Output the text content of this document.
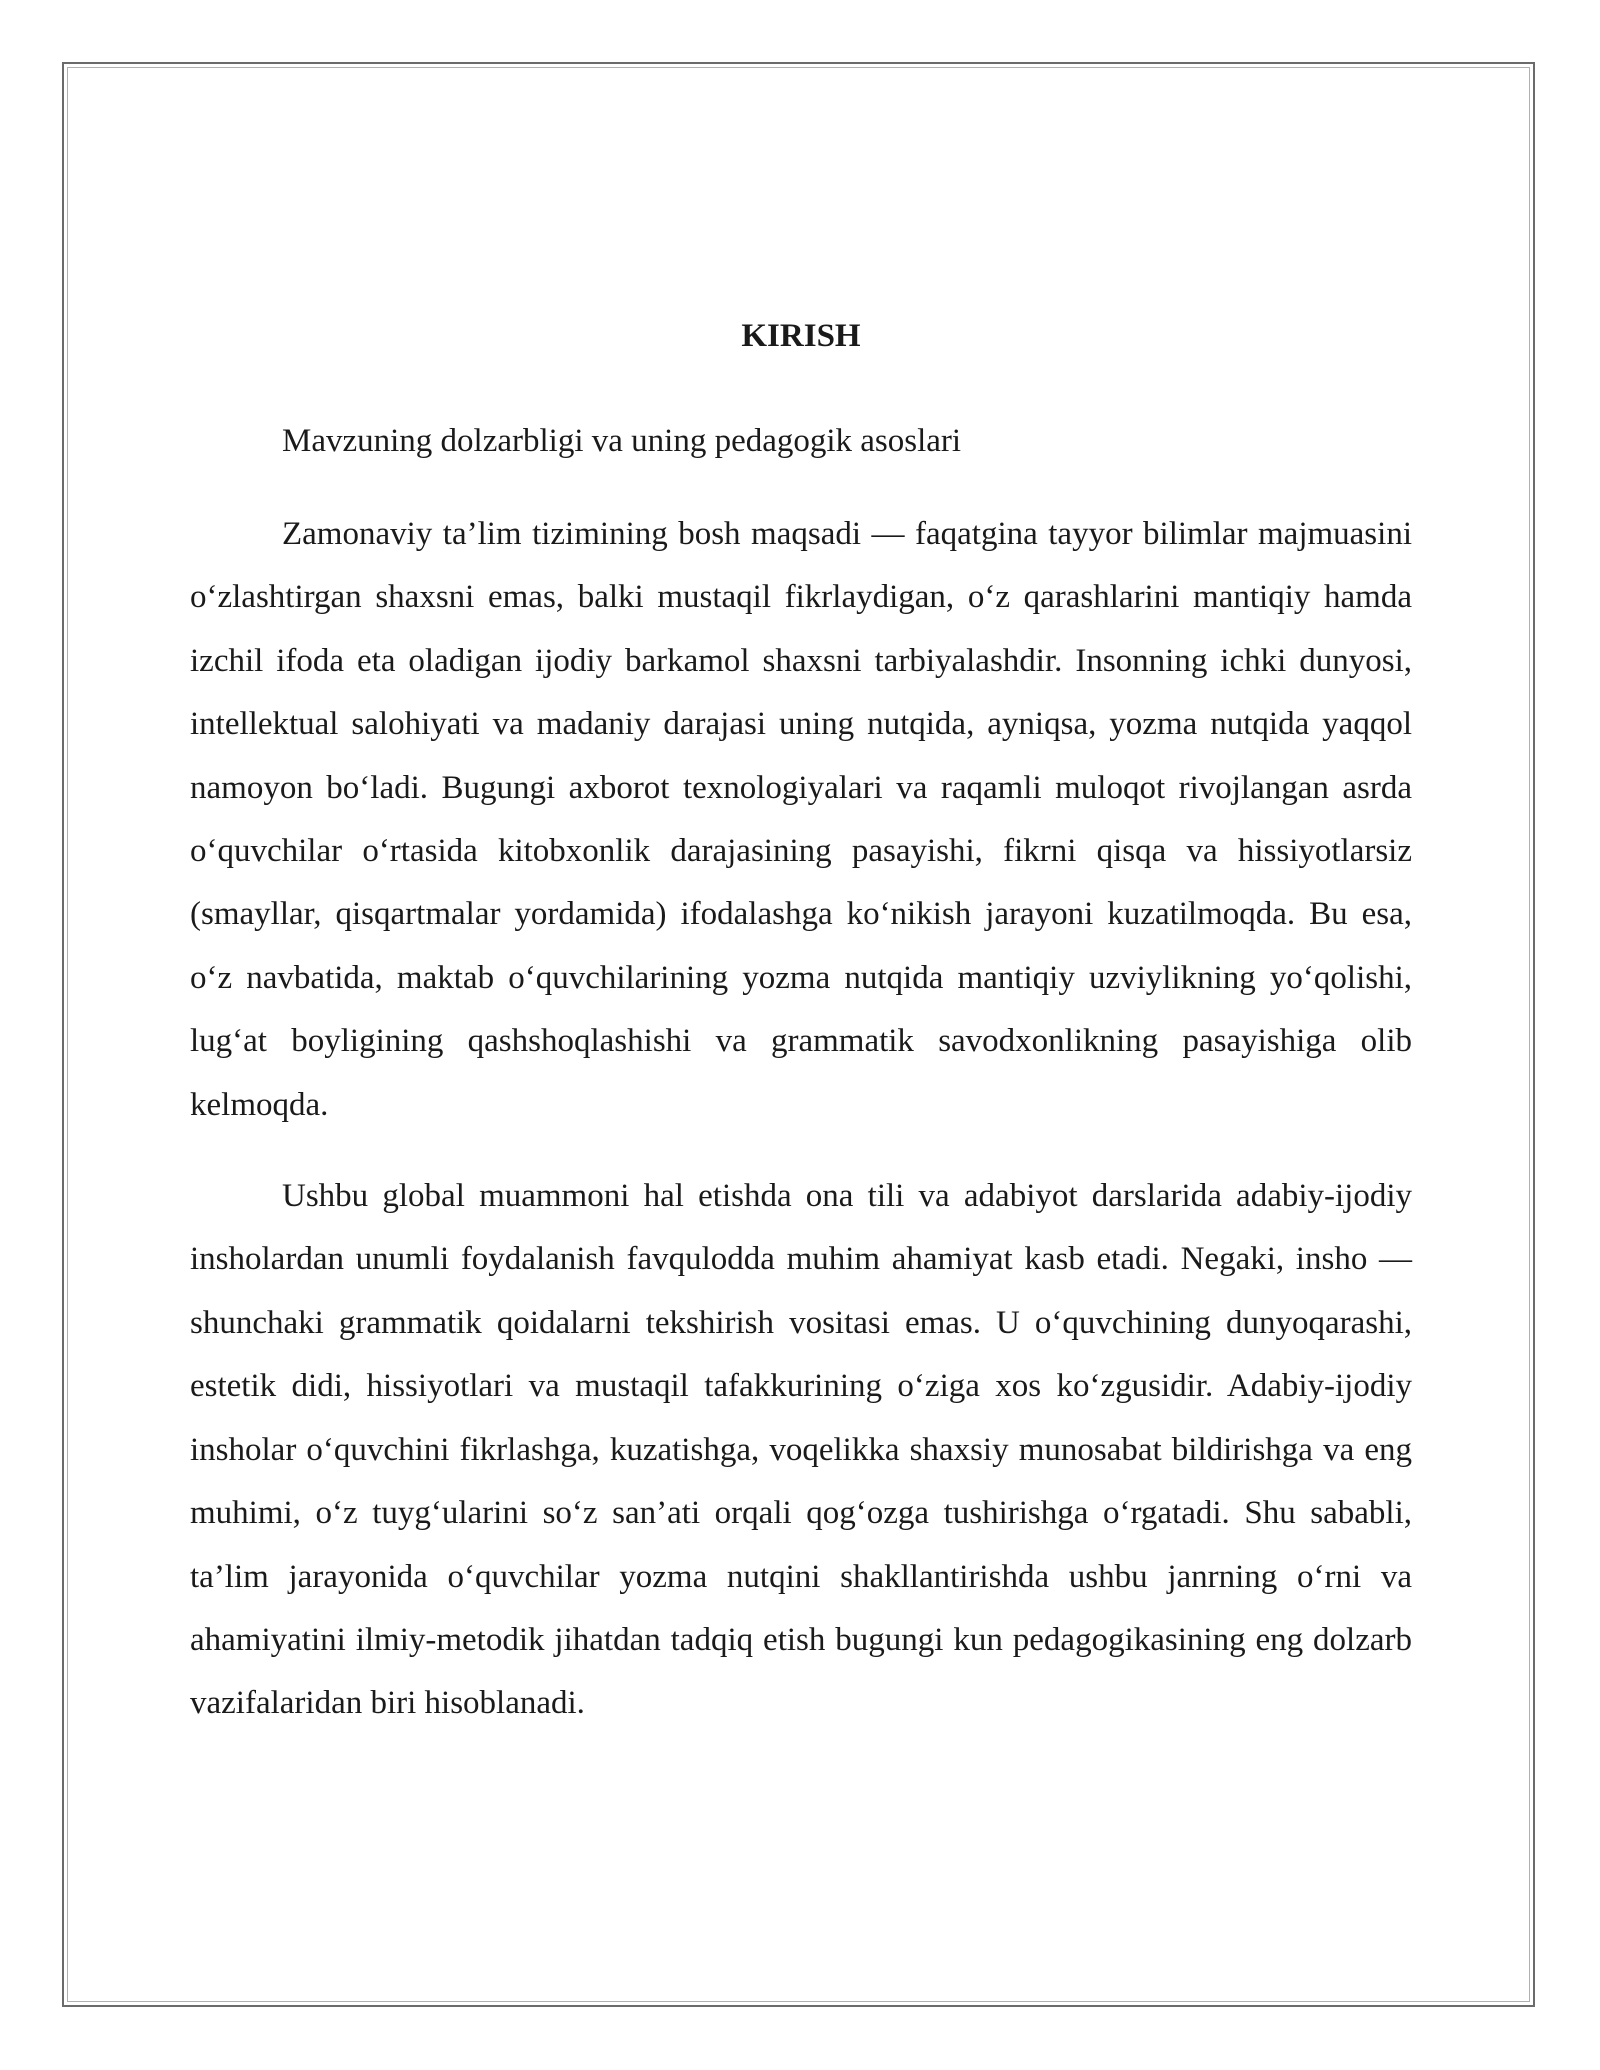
KIRISH

Mavzuning dolzarbligi va uning pedagogik asoslari

Zamonaviy ta’lim tizimining bosh maqsadi — faqatgina tayyor bilimlar majmuasini oʻzlashtirgan shaxsni emas, balki mustaqil fikrlaydigan, oʻz qarashlarini mantiqiy hamda izchil ifoda eta oladigan ijodiy barkamol shaxsni tarbiyalashdir. Insonning ichki dunyosi, intellektual salohiyati va madaniy darajasi uning nutqida, ayniqsa, yozma nutqida yaqqol namoyon boʻladi. Bugungi axborot texnologiyalari va raqamli muloqot rivojlangan asrda oʻquvchilar oʻrtasida kitobxonlik darajasining pasayishi, fikrni qisqa va hissiyotlarsiz (smayllar, qisqartmalar yordamida) ifodalashga koʻnikish jarayoni kuzatilmoqda. Bu esa, oʻz navbatida, maktab oʻquvchilarining yozma nutqida mantiqiy uzviylikning yoʻqolishi, lugʻat boyligining qashshoqlashishi va grammatik savodxonlikning pasayishiga olib kelmoqda.

Ushbu global muammoni hal etishda ona tili va adabiyot darslarida adabiy-ijodiy insholardan unumli foydalanish favqulodda muhim ahamiyat kasb etadi. Negaki, insho — shunchaki grammatik qoidalarni tekshirish vositasi emas. U oʻquvchining dunyoqarashi, estetik didi, hissiyotlari va mustaqil tafakkurining oʻziga xos koʻzgusidir. Adabiy-ijodiy insholar oʻquvchini fikrlashga, kuzatishga, voqelikka shaxsiy munosabat bildirishga va eng muhimi, oʻz tuygʻularini soʻz san’ati orqali qogʻozga tushirishga oʻrgatadi. Shu sababli, ta’lim jarayonida oʻquvchilar yozma nutqini shakllantirishda ushbu janrning oʻrni va ahamiyatini ilmiy-metodik jihatdan tadqiq etish bugungi kun pedagogikasining eng dolzarb vazifalaridan biri hisoblanadi.
